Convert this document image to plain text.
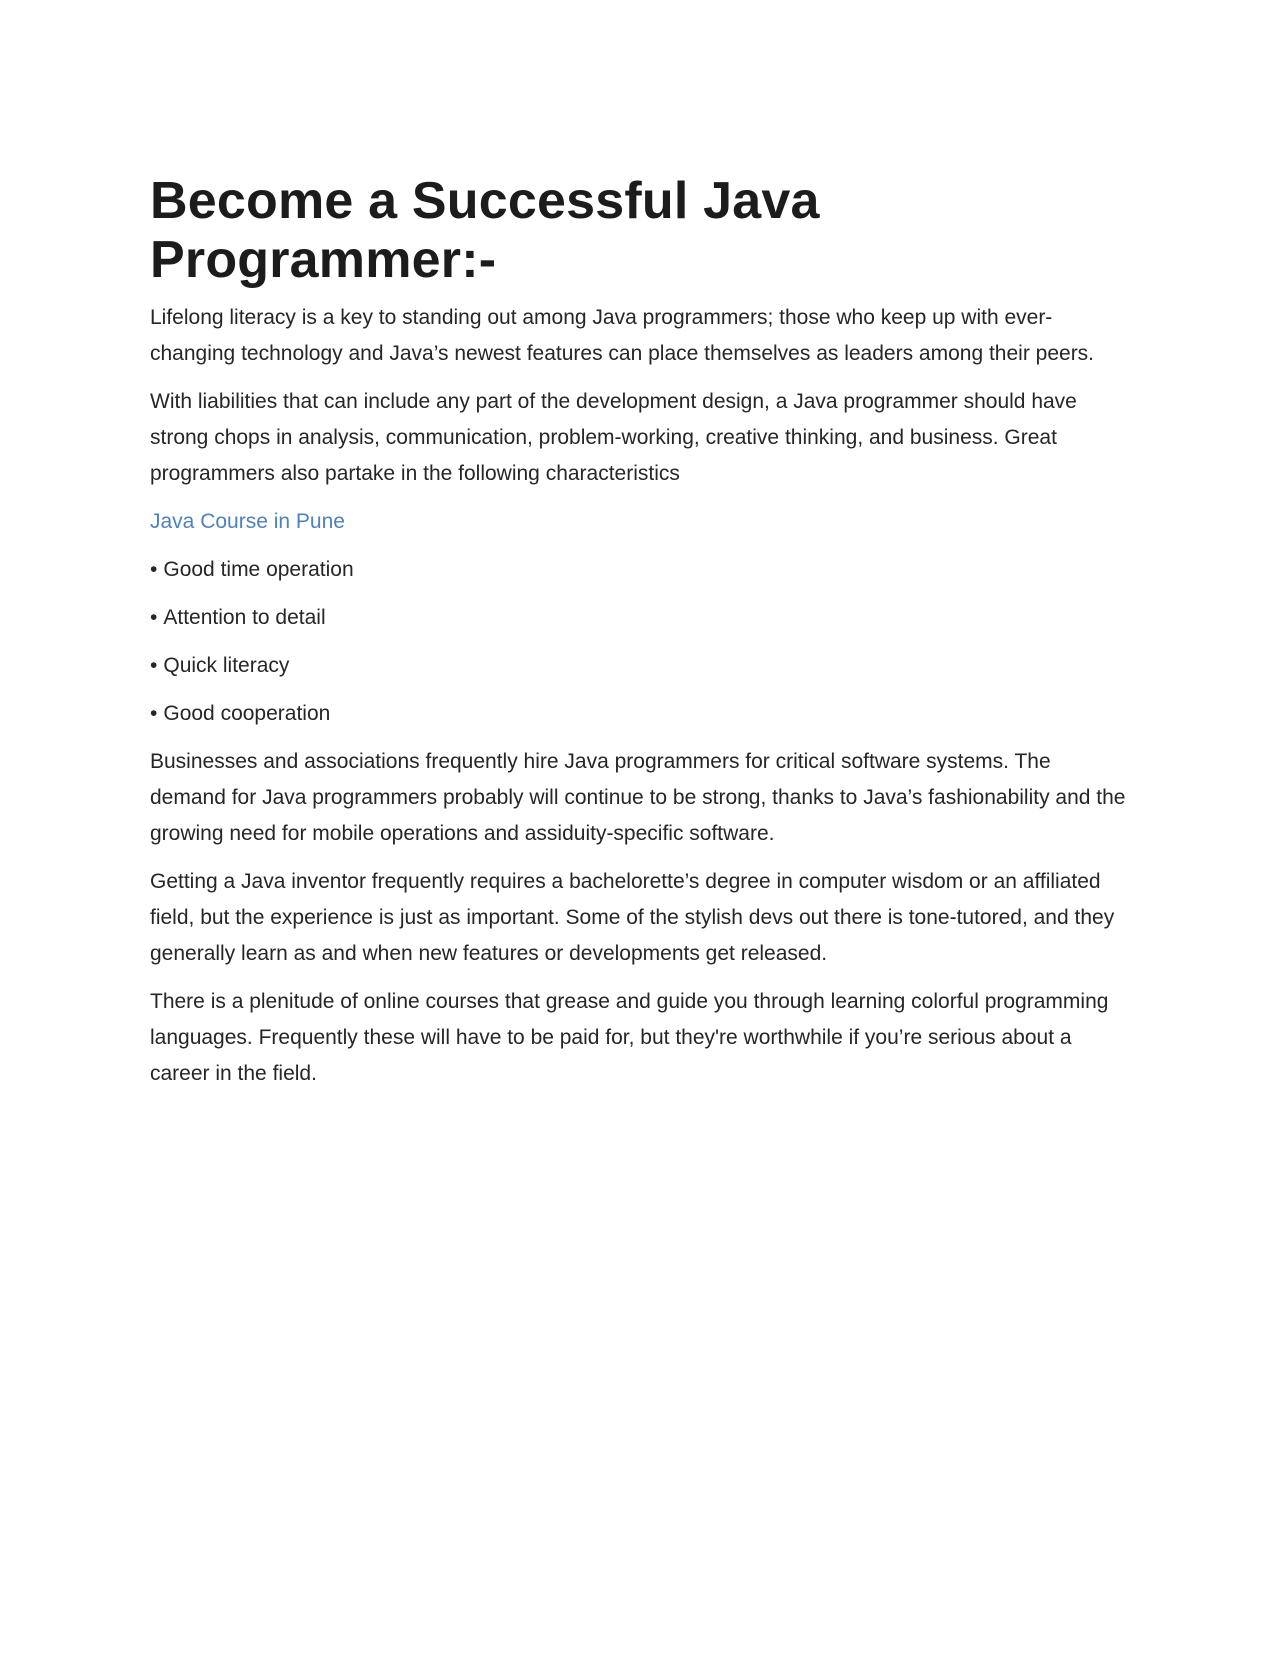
Become a Successful Java Programmer:-

Lifelong literacy is a key to standing out among Java programmers; those who keep up with ever-changing technology and Java’s newest features can place themselves as leaders among their peers.

With liabilities that can include any part of the development design, a Java programmer should have strong chops in analysis, communication, problem-working, creative thinking, and business. Great programmers also partake in the following characteristics

Java Course in Pune
• Good time operation
• Attention to detail
• Quick literacy
• Good cooperation

Businesses and associations frequently hire Java programmers for critical software systems. The demand for Java programmers probably will continue to be strong, thanks to Java’s fashionability and the growing need for mobile operations and assiduity-specific software.

Getting a Java inventor frequently requires a bachelorette’s degree in computer wisdom or an affiliated field, but the experience is just as important. Some of the stylish devs out there is tone-tutored, and they generally learn as and when new features or developments get released.

There is a plenitude of online courses that grease and guide you through learning colorful programming languages. Frequently these will have to be paid for, but they're worthwhile if you’re serious about a career in the field.
